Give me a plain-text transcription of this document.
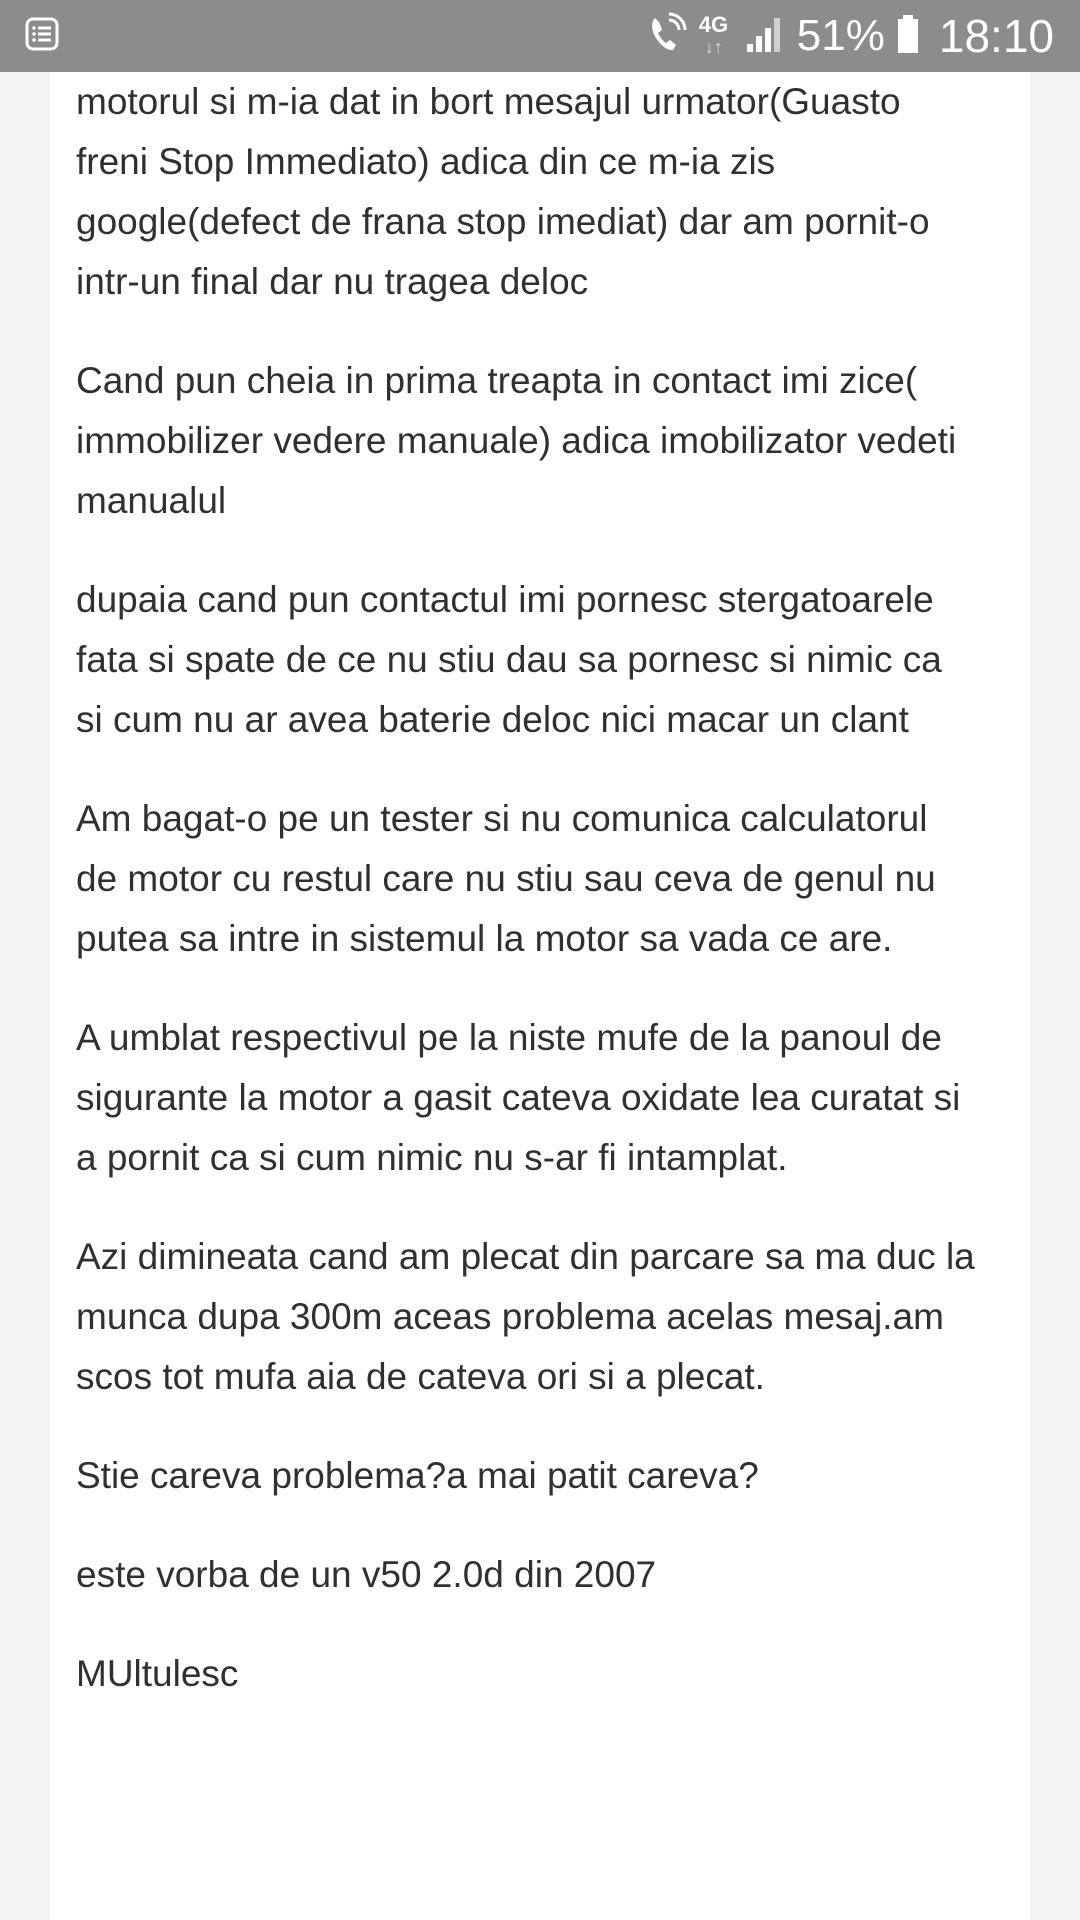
4G
↓↑ 51% 18:10

motorul si m-ia dat in bort mesajul urmator(Guasto freni Stop Immediato) adica din ce m-ia zis google(defect de frana stop imediat) dar am pornit-o intr-un final dar nu tragea deloc

Cand pun cheia in prima treapta in contact imi zice( immobilizer vedere manuale) adica imobilizator vedeti manualul

dupaia cand pun contactul imi pornesc stergatoarele fata si spate de ce nu stiu dau sa pornesc si nimic ca si cum nu ar avea baterie deloc nici macar un clant

Am bagat-o pe un tester si nu comunica calculatorul de motor cu restul care nu stiu sau ceva de genul nu putea sa intre in sistemul la motor sa vada ce are.

A umblat respectivul pe la niste mufe de la panoul de sigurante la motor a gasit cateva oxidate lea curatat si a pornit ca si cum nimic nu s-ar fi intamplat.

Azi dimineata cand am plecat din parcare sa ma duc la munca dupa 300m aceas problema acelas mesaj.am scos tot mufa aia de cateva ori si a plecat.

Stie careva problema?a mai patit careva?

este vorba de un v50 2.0d din 2007

MUltulesc
